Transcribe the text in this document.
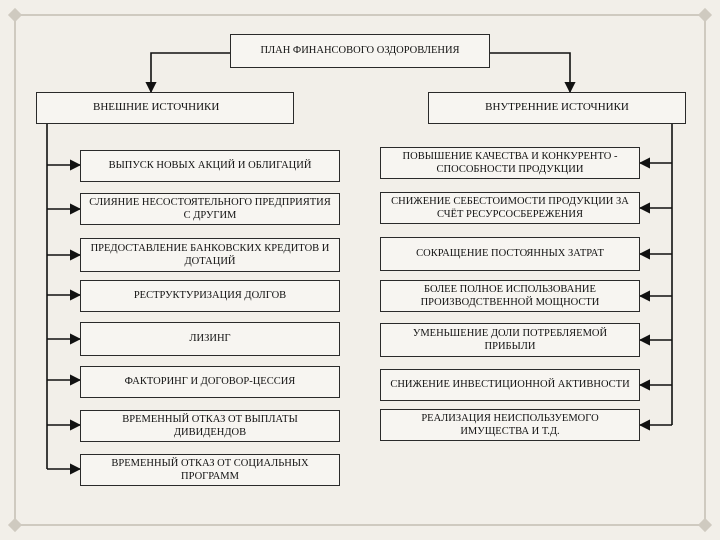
ПЛАН ФИНАНСОВОГО ОЗДОРОВЛЕНИЯ
ВНЕШНИЕ ИСТОЧНИКИ	ВНУТРЕННИЕ ИСТОЧНИКИ
ВЫПУСК НОВЫХ АКЦИЙ И ОБЛИГАЦИЙ
СЛИЯНИЕ НЕСОСТОЯТЕЛЬНОГО ПРЕДПРИЯТИЯ С ДРУГИМ
ПРЕДОСТАВЛЕНИЕ БАНКОВСКИХ КРЕДИТОВ И ДОТАЦИЙ
РЕСТРУКТУРИЗАЦИЯ ДОЛГОВ
ЛИЗИНГ
ФАКТОРИНГ И ДОГОВОР-ЦЕССИЯ
ВРЕМЕННЫЙ ОТКАЗ ОТ ВЫПЛАТЫ ДИВИДЕНДОВ
ВРЕМЕННЫЙ ОТКАЗ ОТ СОЦИАЛЬНЫХ ПРОГРАММ
ПОВЫШЕНИЕ КАЧЕСТВА И КОНКУРЕНТО - СПОСОБНОСТИ ПРОДУКЦИИ
СНИЖЕНИЕ СЕБЕСТОИМОСТИ ПРОДУКЦИИ ЗА СЧЁТ РЕСУРСОСБЕРЕЖЕНИЯ
СОКРАЩЕНИЕ ПОСТОЯННЫХ ЗАТРАТ
БОЛЕЕ ПОЛНОЕ ИСПОЛЬЗОВАНИЕ ПРОИЗВОДСТВЕННОЙ МОЩНОСТИ
УМЕНЬШЕНИЕ ДОЛИ ПОТРЕБЛЯЕМОЙ ПРИБЫЛИ
СНИЖЕНИЕ ИНВЕСТИЦИОННОЙ АКТИВНОСТИ
РЕАЛИЗАЦИЯ НЕИСПОЛЬЗУЕМОГО ИМУЩЕСТВА И Т.Д.
